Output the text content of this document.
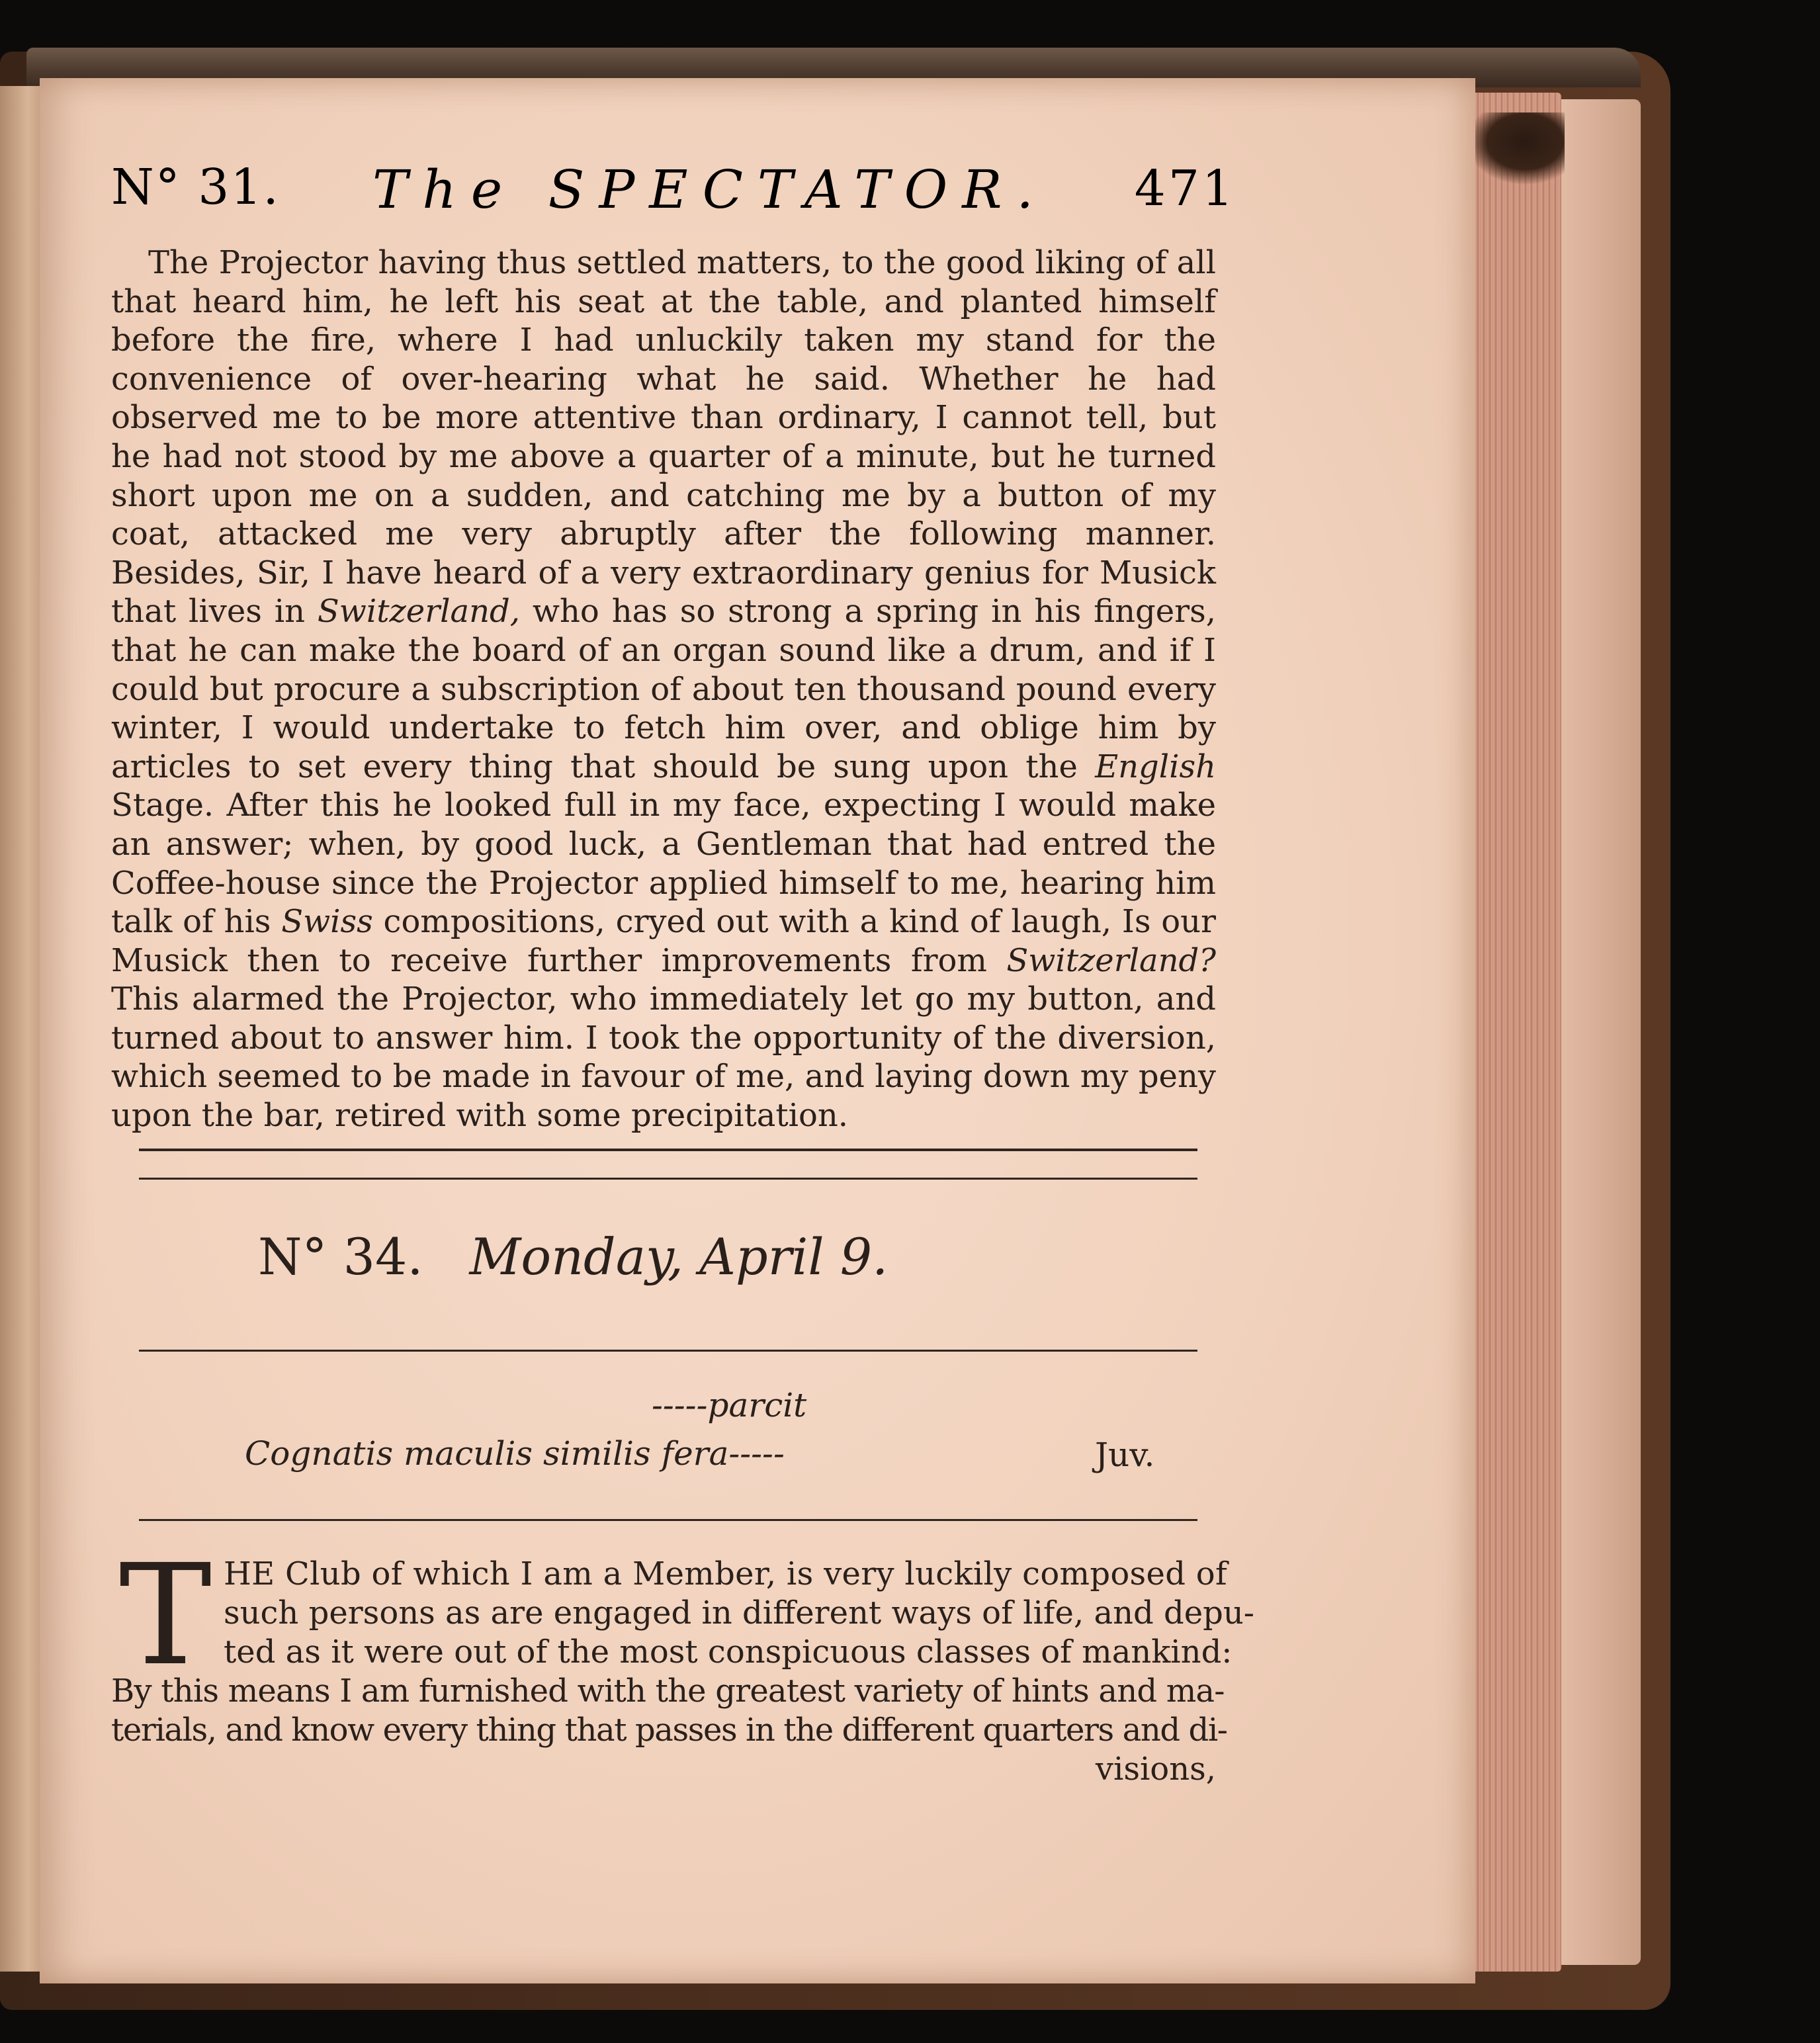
N° 31. The SPECTATOR. 471

The Projector having thus settled matters, to the good liking of all that heard him, he left his seat at the table, and planted himself before the fire, where I had unluckily taken my stand for the convenience of over-hearing what he said. Whether he had observed me to be more attentive than ordinary, I cannot tell, but he had not stood by me above a quarter of a minute, but he turned short upon me on a sudden, and catching me by a button of my coat, attacked me very abruptly after the following manner. Besides, Sir, I have heard of a very extraordinary genius for Musick that lives in Switzerland, who has so strong a spring in his fingers, that he can make the board of an organ sound like a drum, and if I could but procure a subscription of about ten thousand pound every winter, I would undertake to fetch him over, and oblige him by articles to set every thing that should be sung upon the English Stage. After this he looked full in my face, expecting I would make an answer; when, by good luck, a Gentleman that had entred the Coffee-house since the Projector applied himself to me, hearing him talk of his Swiss compositions, cryed out with a kind of laugh, Is our Musick then to receive further improvements from Switzerland? This alarmed the Projector, who immediately let go my button, and turned about to answer him. I took the opportunity of the diversion, which seemed to be made in favour of me, and laying down my peny upon the bar, retired with some precipitation.

N° 34. Monday, April 9.
-----parcit
Cognatis maculis similis fera-----	Juv.
T HE Club of which I am a Member, is very luckily composed of
such persons as are engaged in different ways of life, and depu-
ted as it were out of the most conspicuous classes of mankind:
By this means I am furnished with the greatest variety of hints and ma-
terials, and know every thing that passes in the different quarters and di-
visions,
